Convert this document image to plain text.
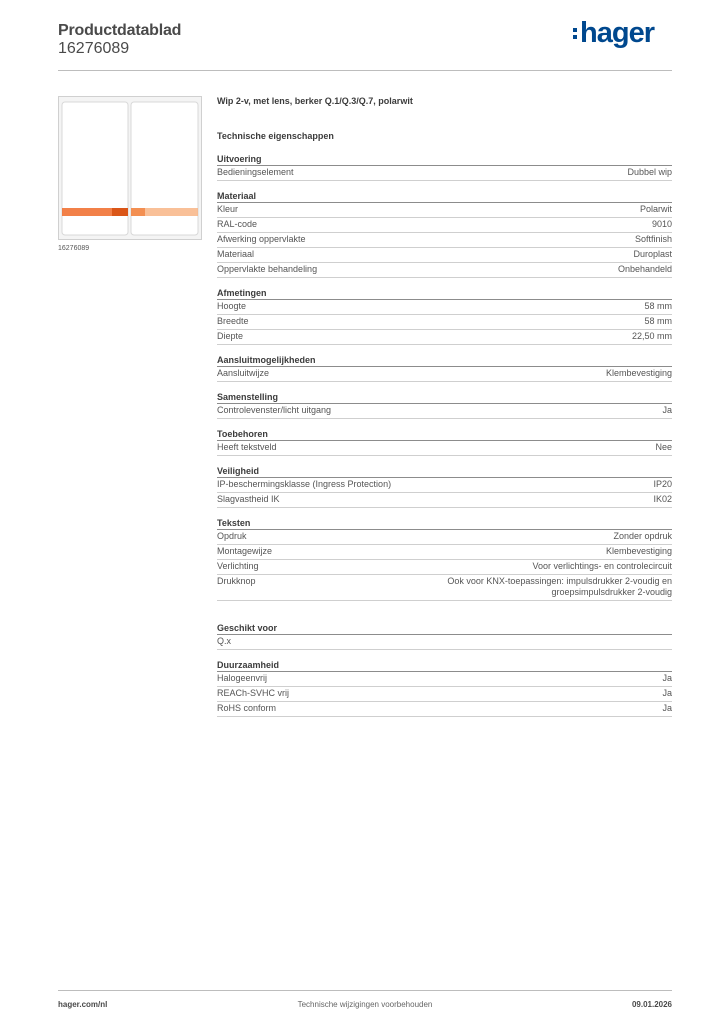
Productdatablad
16276089	hager
16276089
Wip 2-v, met lens, berker Q.1/Q.3/Q.7, polarwit
Technische eigenschappen
Uitvoering
Bedieningselement	Dubbel wip
Materiaal
Kleur	Polarwit
RAL-code	9010
Afwerking oppervlakte	Softfinish
Materiaal	Duroplast
Oppervlakte behandeling	Onbehandeld
Afmetingen
Hoogte	58 mm
Breedte	58 mm
Diepte	22,50 mm
Aansluitmogelijkheden
Aansluitwijze	Klembevestiging
Samenstelling
Controlevenster/licht uitgang	Ja
Toebehoren
Heeft tekstveld	Nee
Veiligheid
IP-beschermingsklasse (Ingress Protection)	IP20
Slagvastheid IK	IK02
Teksten
Opdruk	Zonder opdruk
Montagewijze	Klembevestiging
Verlichting	Voor verlichtings- en controlecircuit
Drukknop	Ook voor KNX-toepassingen: impulsdrukker 2-voudig en groepsimpulsdrukker 2-voudig
Geschikt voor
Q.x
Duurzaamheid
Halogeenvrij	Ja
REACh-SVHC vrij	Ja
RoHS conform	Ja
hager.com/nl	Technische wijzigingen voorbehouden	09.01.2026
